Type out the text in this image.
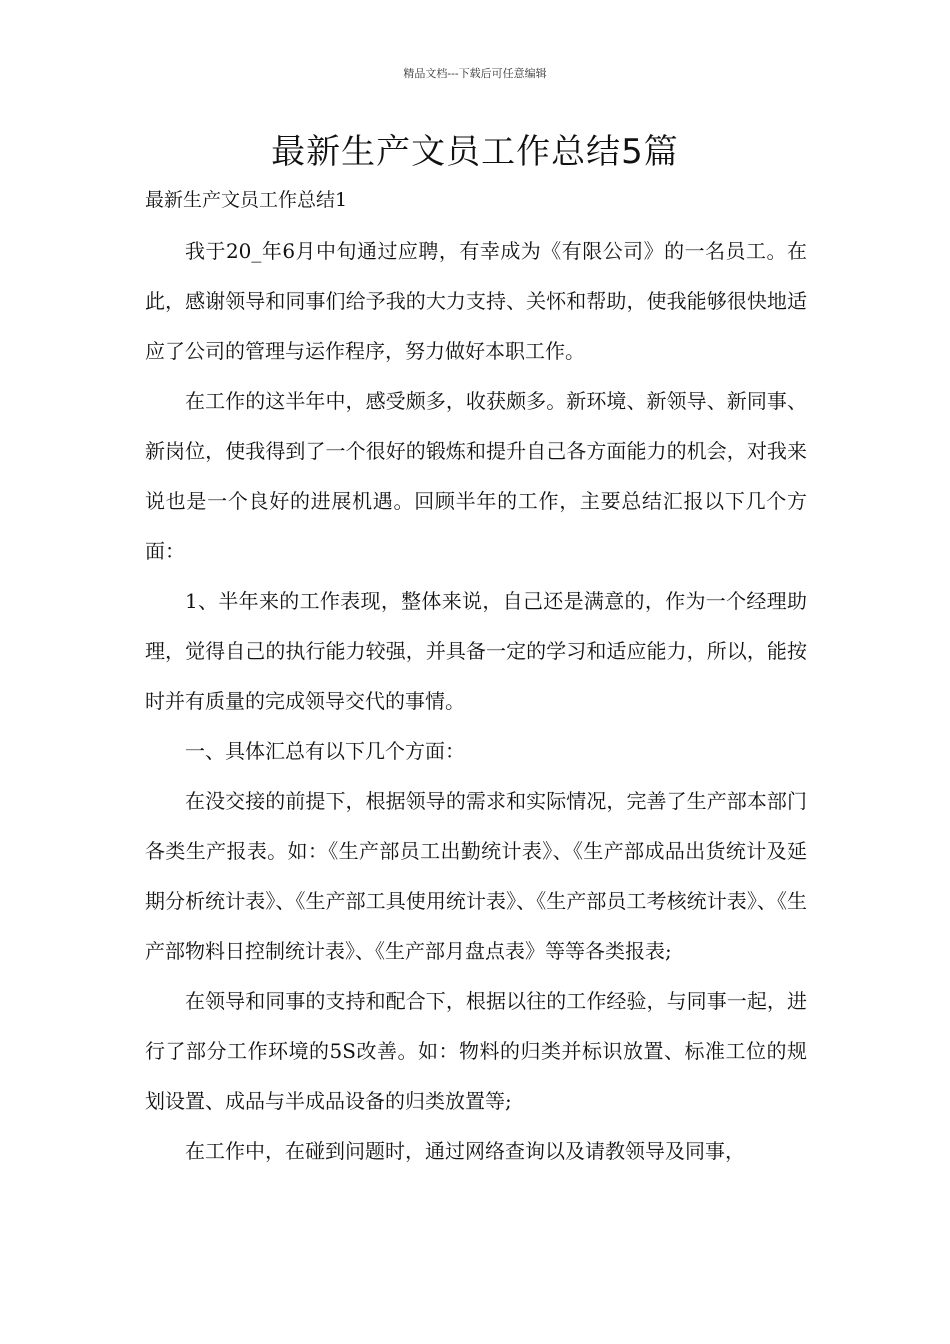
精品文档---下载后可任意编辑
最新生产文员工作总结5篇
最新生产文员工作总结1

我于20_年6月中旬通过应聘，有幸成为《有限公司》的一名员工。在此，感谢领导和同事们给予我的大力支持、关怀和帮助，使我能够很快地适应了公司的管理与运作程序，努力做好本职工作。

在工作的这半年中，感受颇多，收获颇多。新环境、新领导、新同事、新岗位，使我得到了一个很好的锻炼和提升自己各方面能力的机会，对我来说也是一个良好的进展机遇。回顾半年的工作，主要总结汇报以下几个方面：

1、半年来的工作表现，整体来说，自己还是满意的，作为一个经理助理，觉得自己的执行能力较强，并具备一定的学习和适应能力，所以，能按时并有质量的完成领导交代的事情。

一、具体汇总有以下几个方面：

在没交接的前提下，根据领导的需求和实际情况，完善了生产部本部门各类生产报表。如：《生产部员工出勤统计表》、《生产部成品出货统计及延期分析统计表》、《生产部工具使用统计表》、《生产部员工考核统计表》、《生产部物料日控制统计表》、《生产部月盘点表》等等各类报表;

在领导和同事的支持和配合下，根据以往的工作经验，与同事一起，进行了部分工作环境的5S改善。如：物料的归类并标识放置、标准工位的规划设置、成品与半成品设备的归类放置等;

在工作中，在碰到问题时，通过网络查询以及请教领导及同事，
